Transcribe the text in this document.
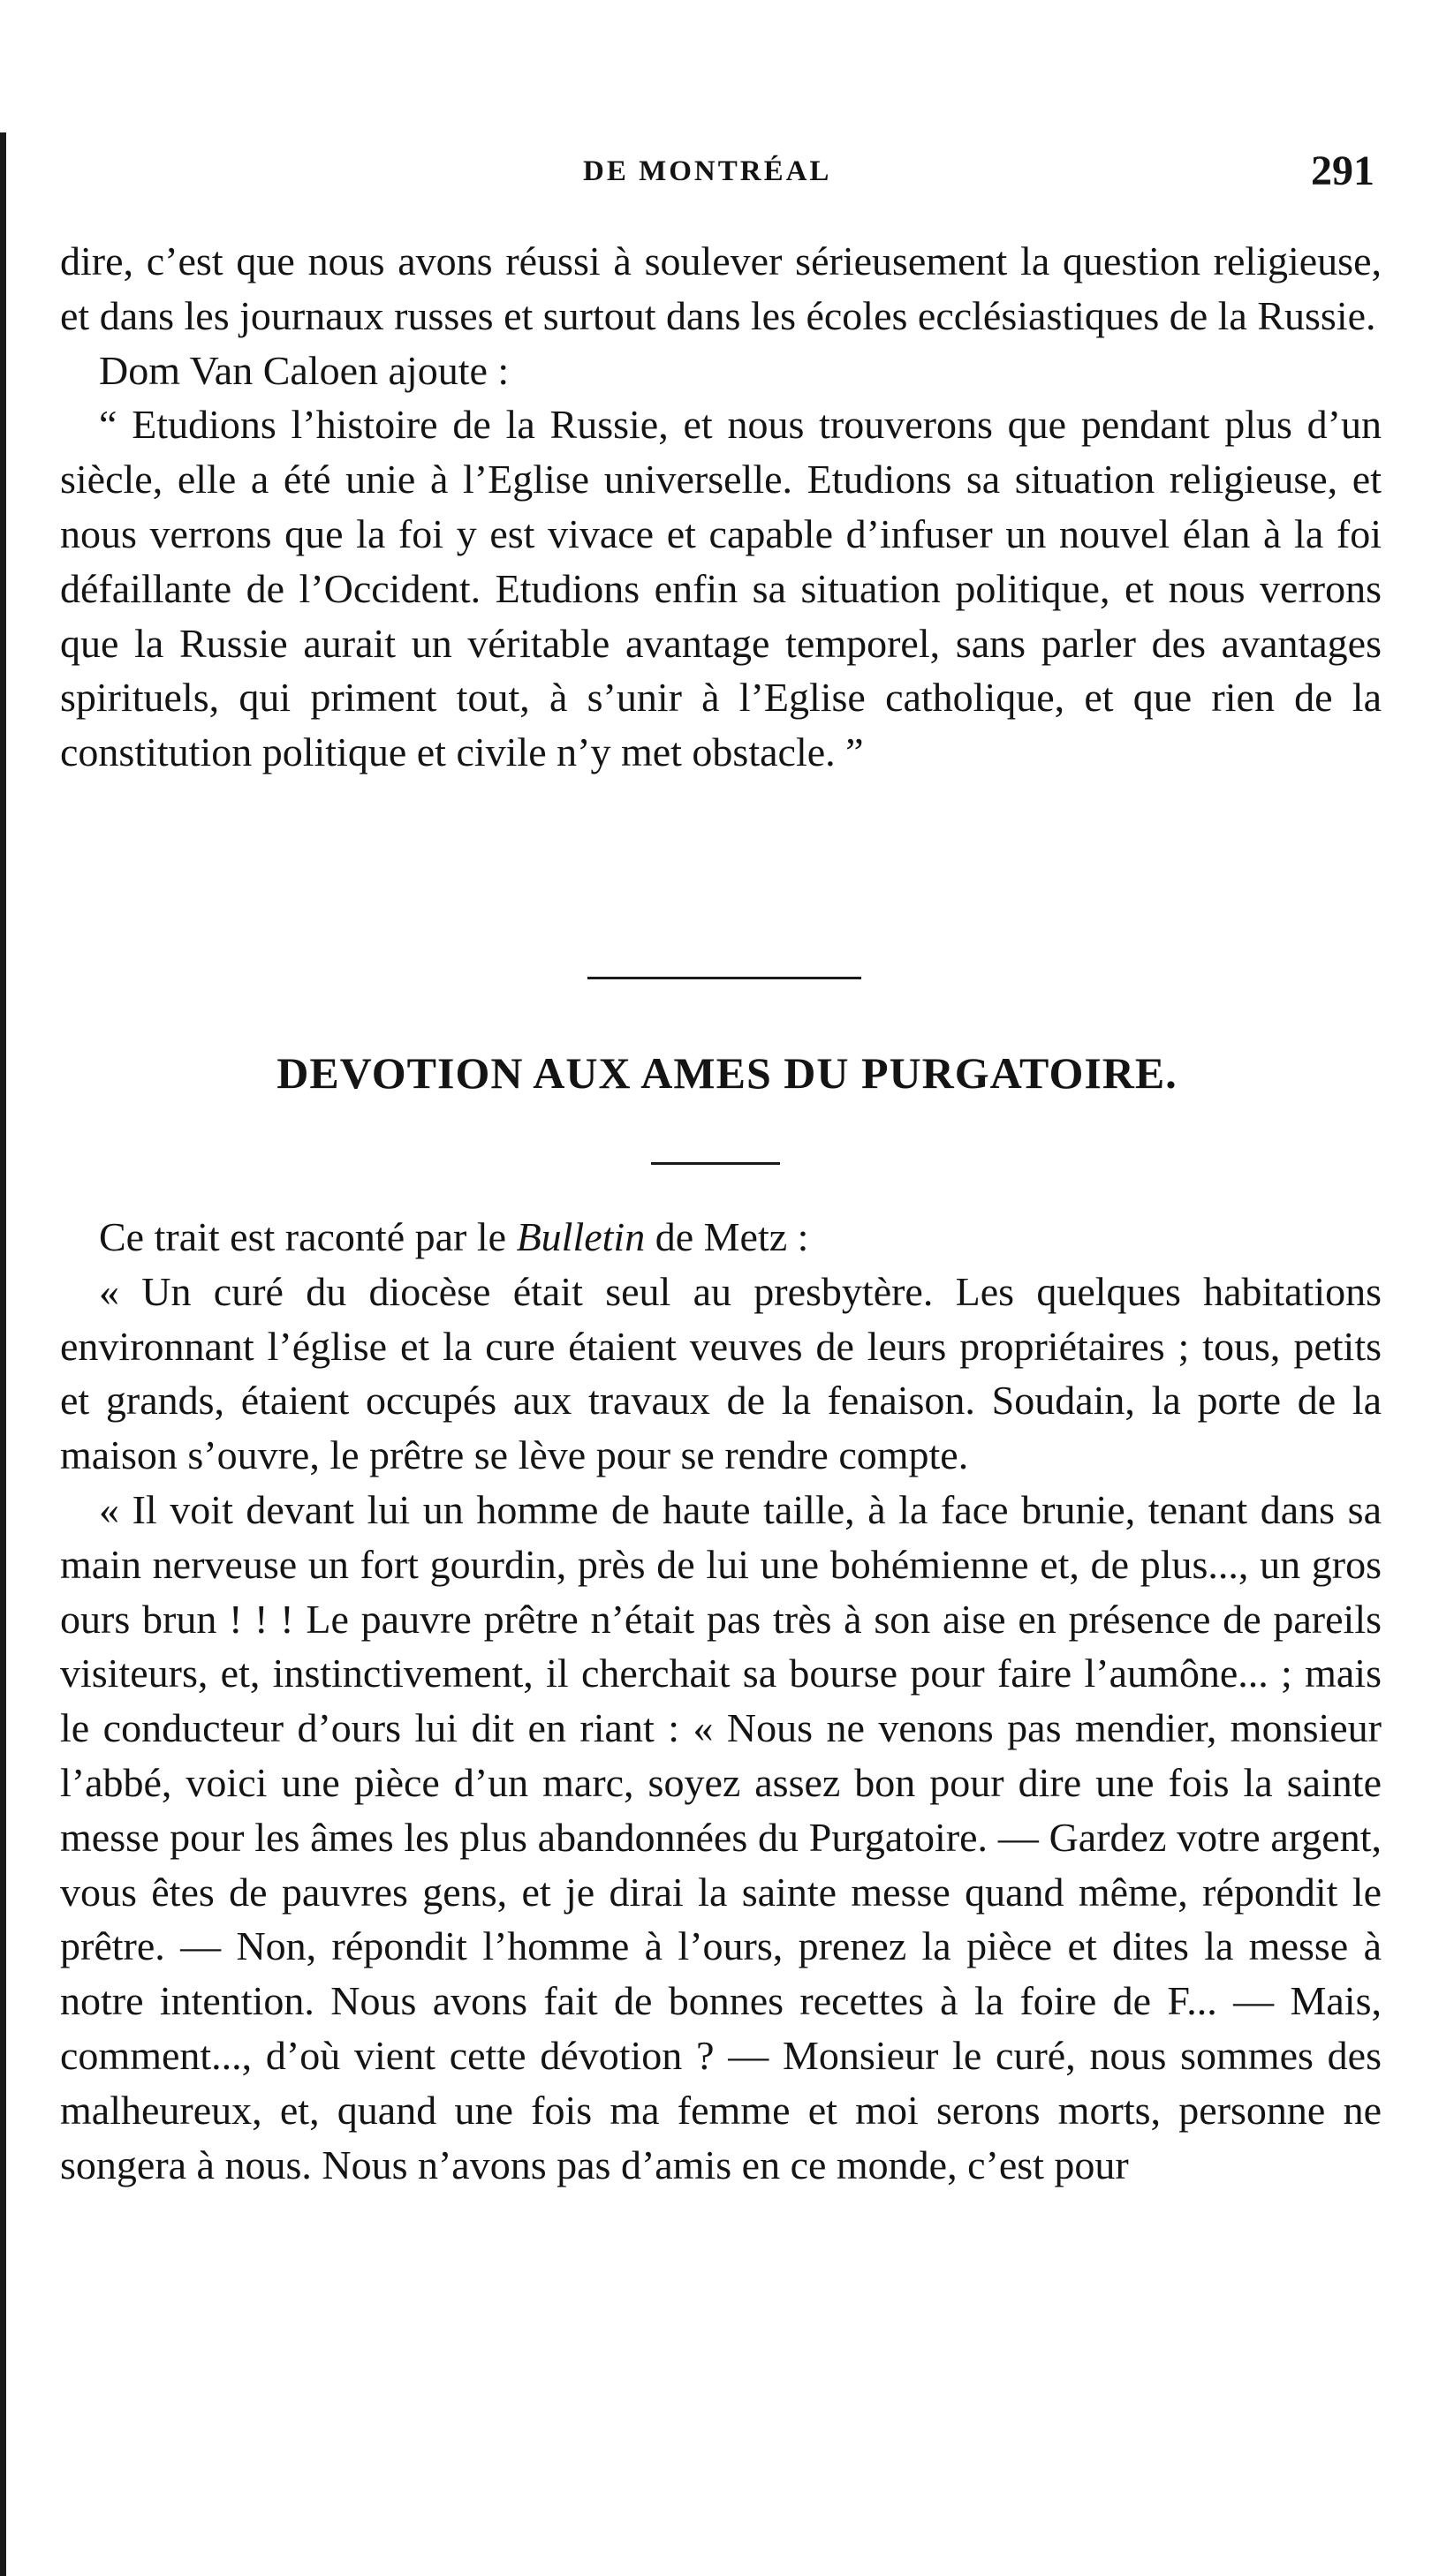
DE MONTRÉAL	291

dire, c’est que nous avons réussi à soulever sérieusement la question religieuse, et dans les journaux russes et surtout dans les écoles ecclésiastiques de la Russie.

Dom Van Caloen ajoute :

“ Etudions l’histoire de la Russie, et nous trouverons que pendant plus d’un siècle, elle a été unie à l’Eglise universelle. Etudions sa situation religieuse, et nous verrons que la foi y est vivace et capable d’infuser un nouvel élan à la foi défaillante de l’Occident. Etudions enfin sa situation politique, et nous verrons que la Russie aurait un véritable avantage temporel, sans parler des avantages spirituels, qui priment tout, à s’unir à l’Eglise catholique, et que rien de la constitution politique et civile n’y met obstacle. ”

DEVOTION AUX AMES DU PURGATOIRE.

Ce trait est raconté par le Bulletin de Metz :

« Un curé du diocèse était seul au presbytère. Les quelques habitations environnant l’église et la cure étaient veuves de leurs propriétaires ; tous, petits et grands, étaient occupés aux travaux de la fenaison. Soudain, la porte de la maison s’ouvre, le prêtre se lève pour se rendre compte.

« Il voit devant lui un homme de haute taille, à la face brunie, tenant dans sa main nerveuse un fort gourdin, près de lui une bohémienne et, de plus..., un gros ours brun ! ! ! Le pauvre prêtre n’était pas très à son aise en présence de pareils visiteurs, et, instinctivement, il cherchait sa bourse pour faire l’aumône... ; mais le conducteur d’ours lui dit en riant : « Nous ne venons pas mendier, monsieur l’abbé, voici une pièce d’un marc, soyez assez bon pour dire une fois la sainte messe pour les âmes les plus abandonnées du Purgatoire. — Gardez votre argent, vous êtes de pauvres gens, et je dirai la sainte messe quand même, répondit le prêtre. — Non, répondit l’homme à l’ours, prenez la pièce et dites la messe à notre intention. Nous avons fait de bonnes recettes à la foire de F... — Mais, comment..., d’où vient cette dévotion ? — Monsieur le curé, nous sommes des malheureux, et, quand une fois ma femme et moi serons morts, personne ne songera à nous. Nous n’avons pas d’amis en ce monde, c’est pour
